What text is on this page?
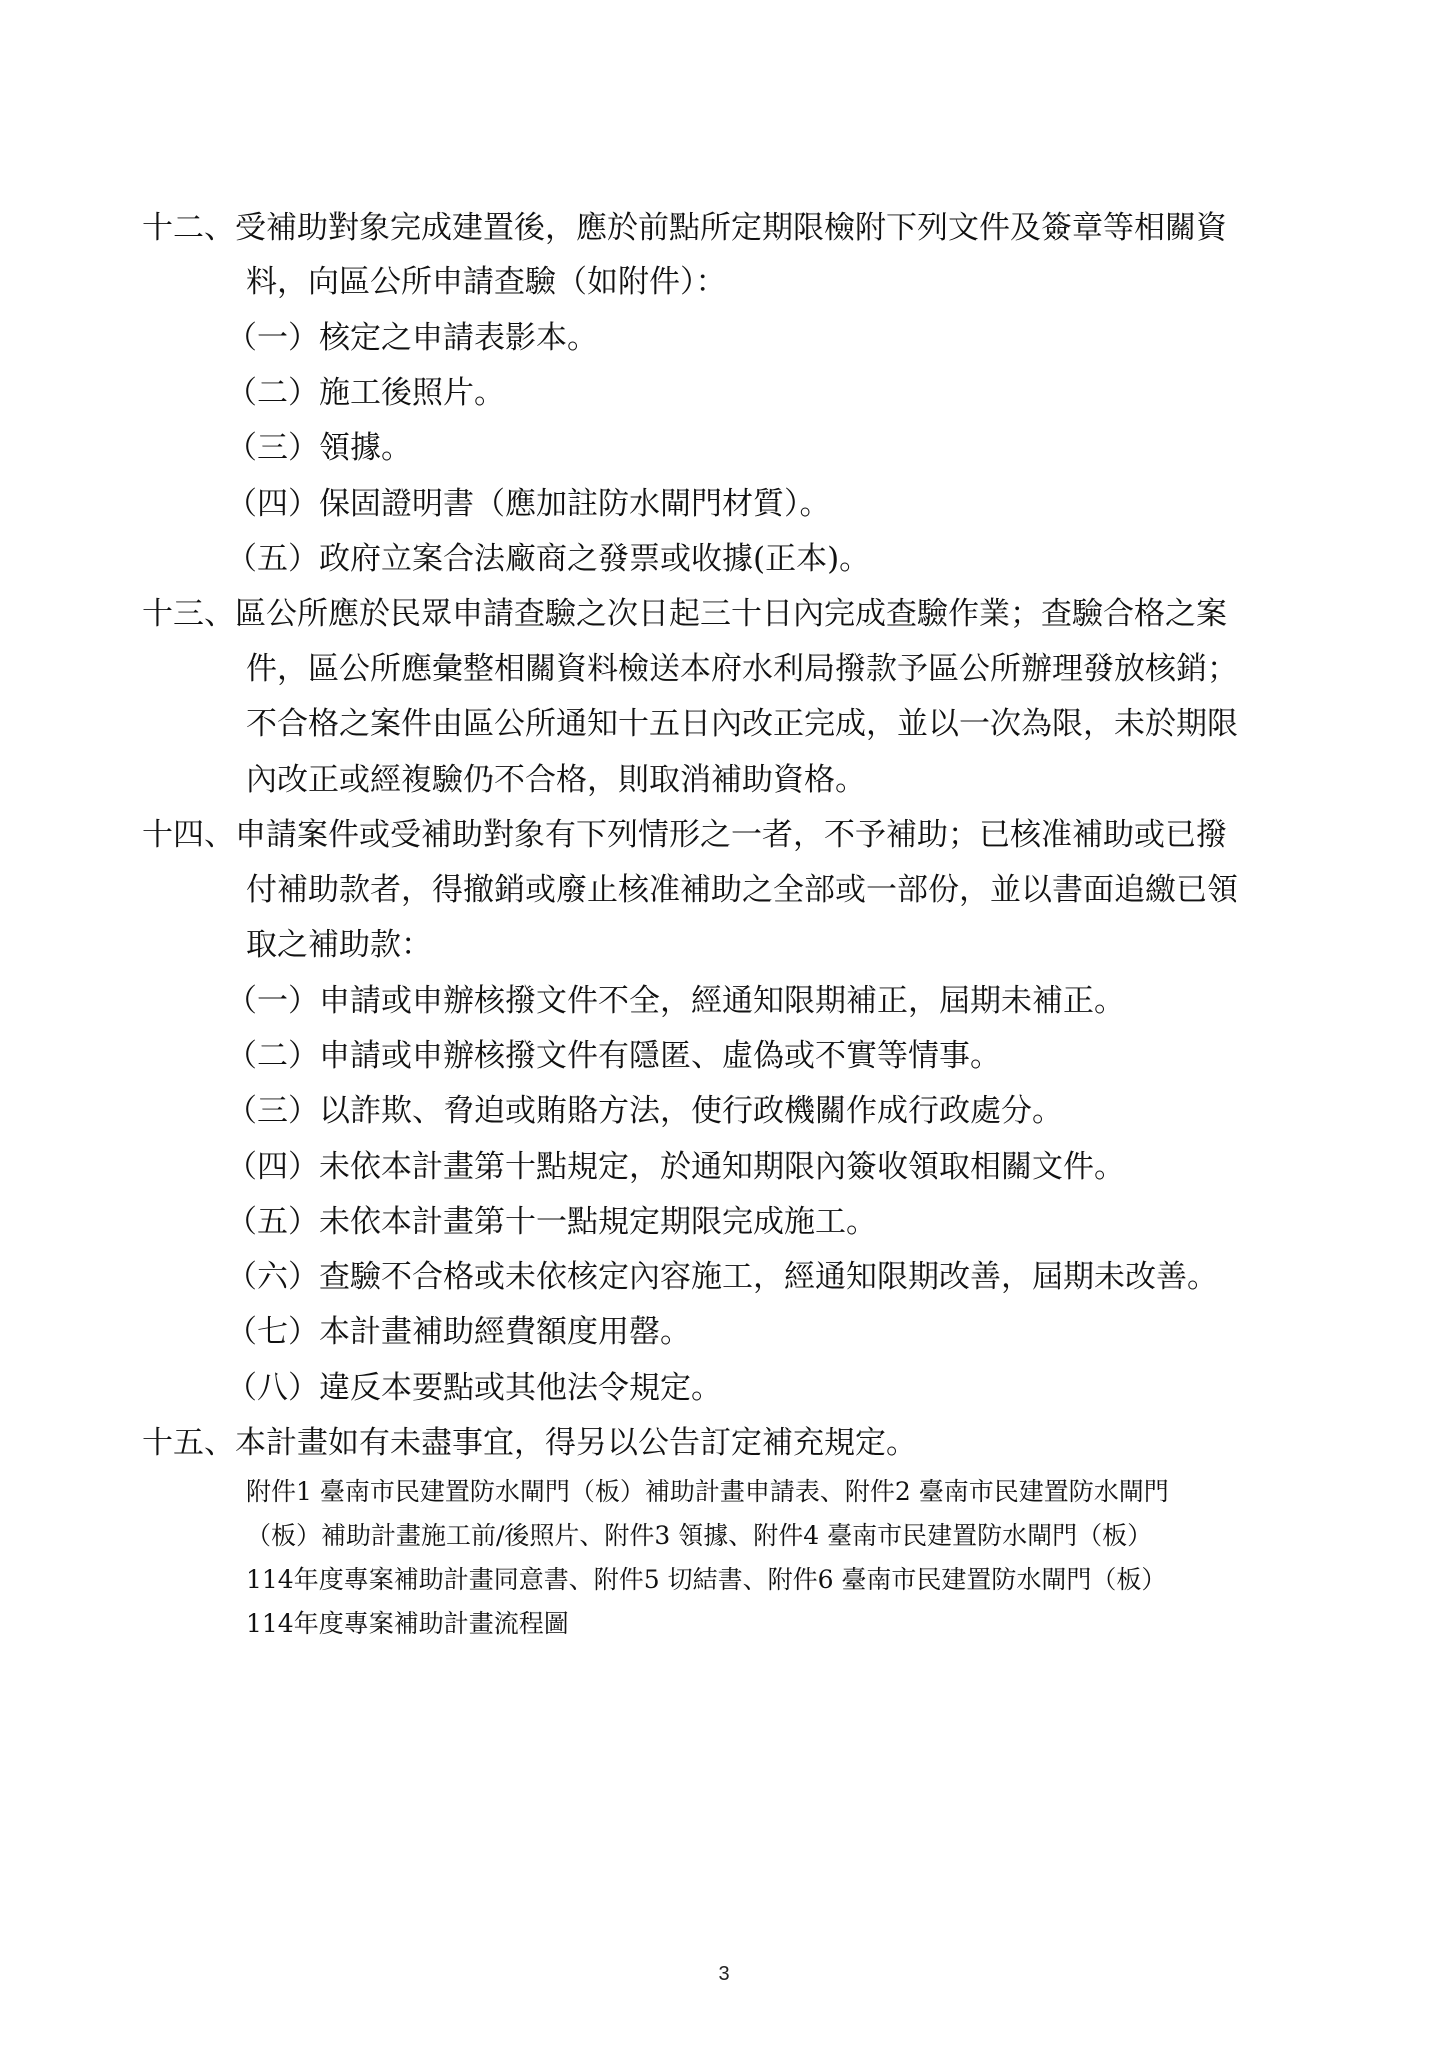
十二、受補助對象完成建置後，應於前點所定期限檢附下列文件及簽章等相關資
料，向區公所申請查驗（如附件）：
（一）核定之申請表影本。
（二）施工後照片。
（三）領據。
（四）保固證明書（應加註防水閘門材質）。
（五）政府立案合法廠商之發票或收據(正本)。
十三、區公所應於民眾申請查驗之次日起三十日內完成查驗作業；查驗合格之案
件，區公所應彙整相關資料檢送本府水利局撥款予區公所辦理發放核銷；
不合格之案件由區公所通知十五日內改正完成，並以一次為限，未於期限
內改正或經複驗仍不合格，則取消補助資格。
十四、申請案件或受補助對象有下列情形之一者，不予補助；已核准補助或已撥
付補助款者，得撤銷或廢止核准補助之全部或一部份，並以書面追繳已領
取之補助款：
（一）申請或申辦核撥文件不全，經通知限期補正，屆期未補正。
（二）申請或申辦核撥文件有隱匿、虛偽或不實等情事。
（三）以詐欺、脅迫或賄賂方法，使行政機關作成行政處分。
（四）未依本計畫第十點規定，於通知期限內簽收領取相關文件。
（五）未依本計畫第十一點規定期限完成施工。
（六）查驗不合格或未依核定內容施工，經通知限期改善，屆期未改善。
（七）本計畫補助經費額度用罄。
（八）違反本要點或其他法令規定。
十五、本計畫如有未盡事宜，得另以公告訂定補充規定。
附件1 臺南市民建置防水閘門（板）補助計畫申請表、附件2 臺南市民建置防水閘門
（板）補助計畫施工前/後照片、附件3 領據、附件4 臺南市民建置防水閘門（板）
114年度專案補助計畫同意書、附件5 切結書、附件6 臺南市民建置防水閘門（板）
114年度專案補助計畫流程圖
3
